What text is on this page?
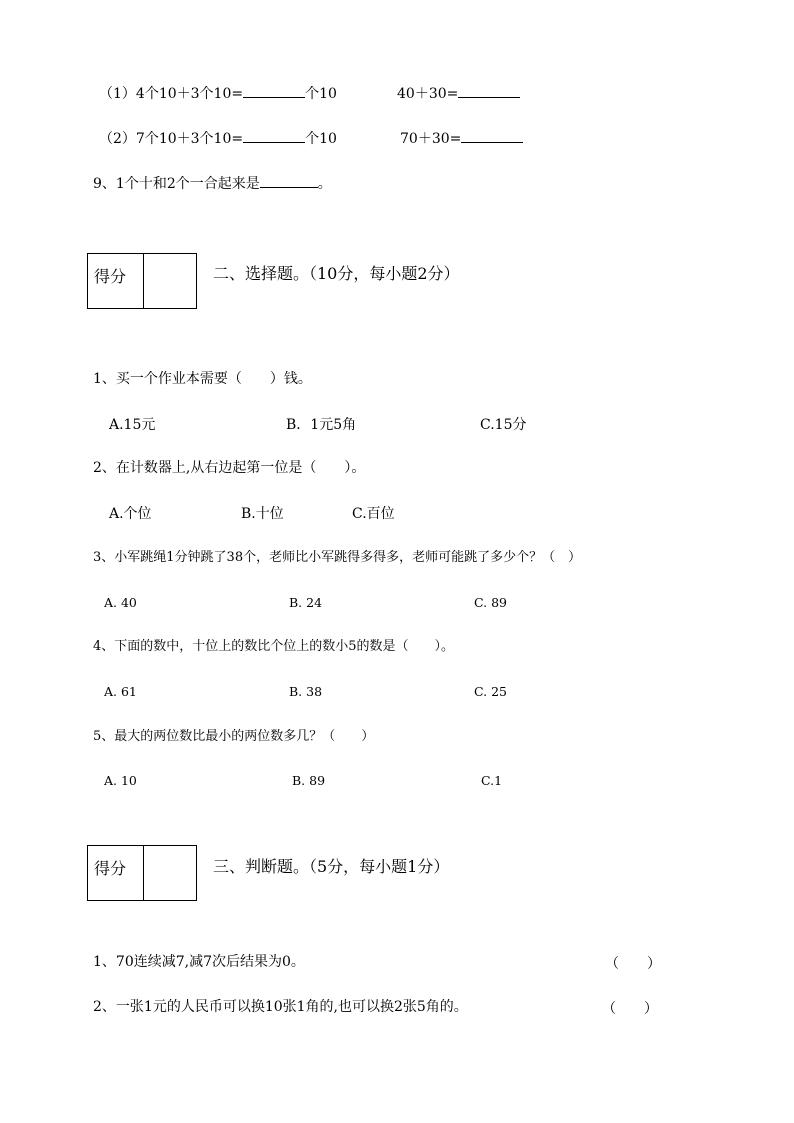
（1）4个10＋3个10=	个10	40＋30=
（2）7个10＋3个10=	个10	70＋30=
9、1个十和2个一合起来是	。
得分	二、选择题。（10分，每小题2分）
1、买一个作业本需要（　　）钱。
A.15元	B．1元5角	C.15分
2、在计数器上,从右边起第一位是（　　）。
A.个位	B.十位	C.百位
3、小军跳绳1分钟跳了38个，老师比小军跳得多得多，老师可能跳了多少个？（　）
A. 40	B. 24	C. 89
4、下面的数中，十位上的数比个位上的数小5的数是（　　）。
A. 61	B. 38	C. 25
5、最大的两位数比最小的两位数多几？（　　）
A. 10	B. 89	C.1
得分	三、判断题。（5分，每小题1分）
1、70连续减7,减7次后结果为0。	（　　）
2、一张1元的人民币可以换10张1角的,也可以换2张5角的。	（　　）
